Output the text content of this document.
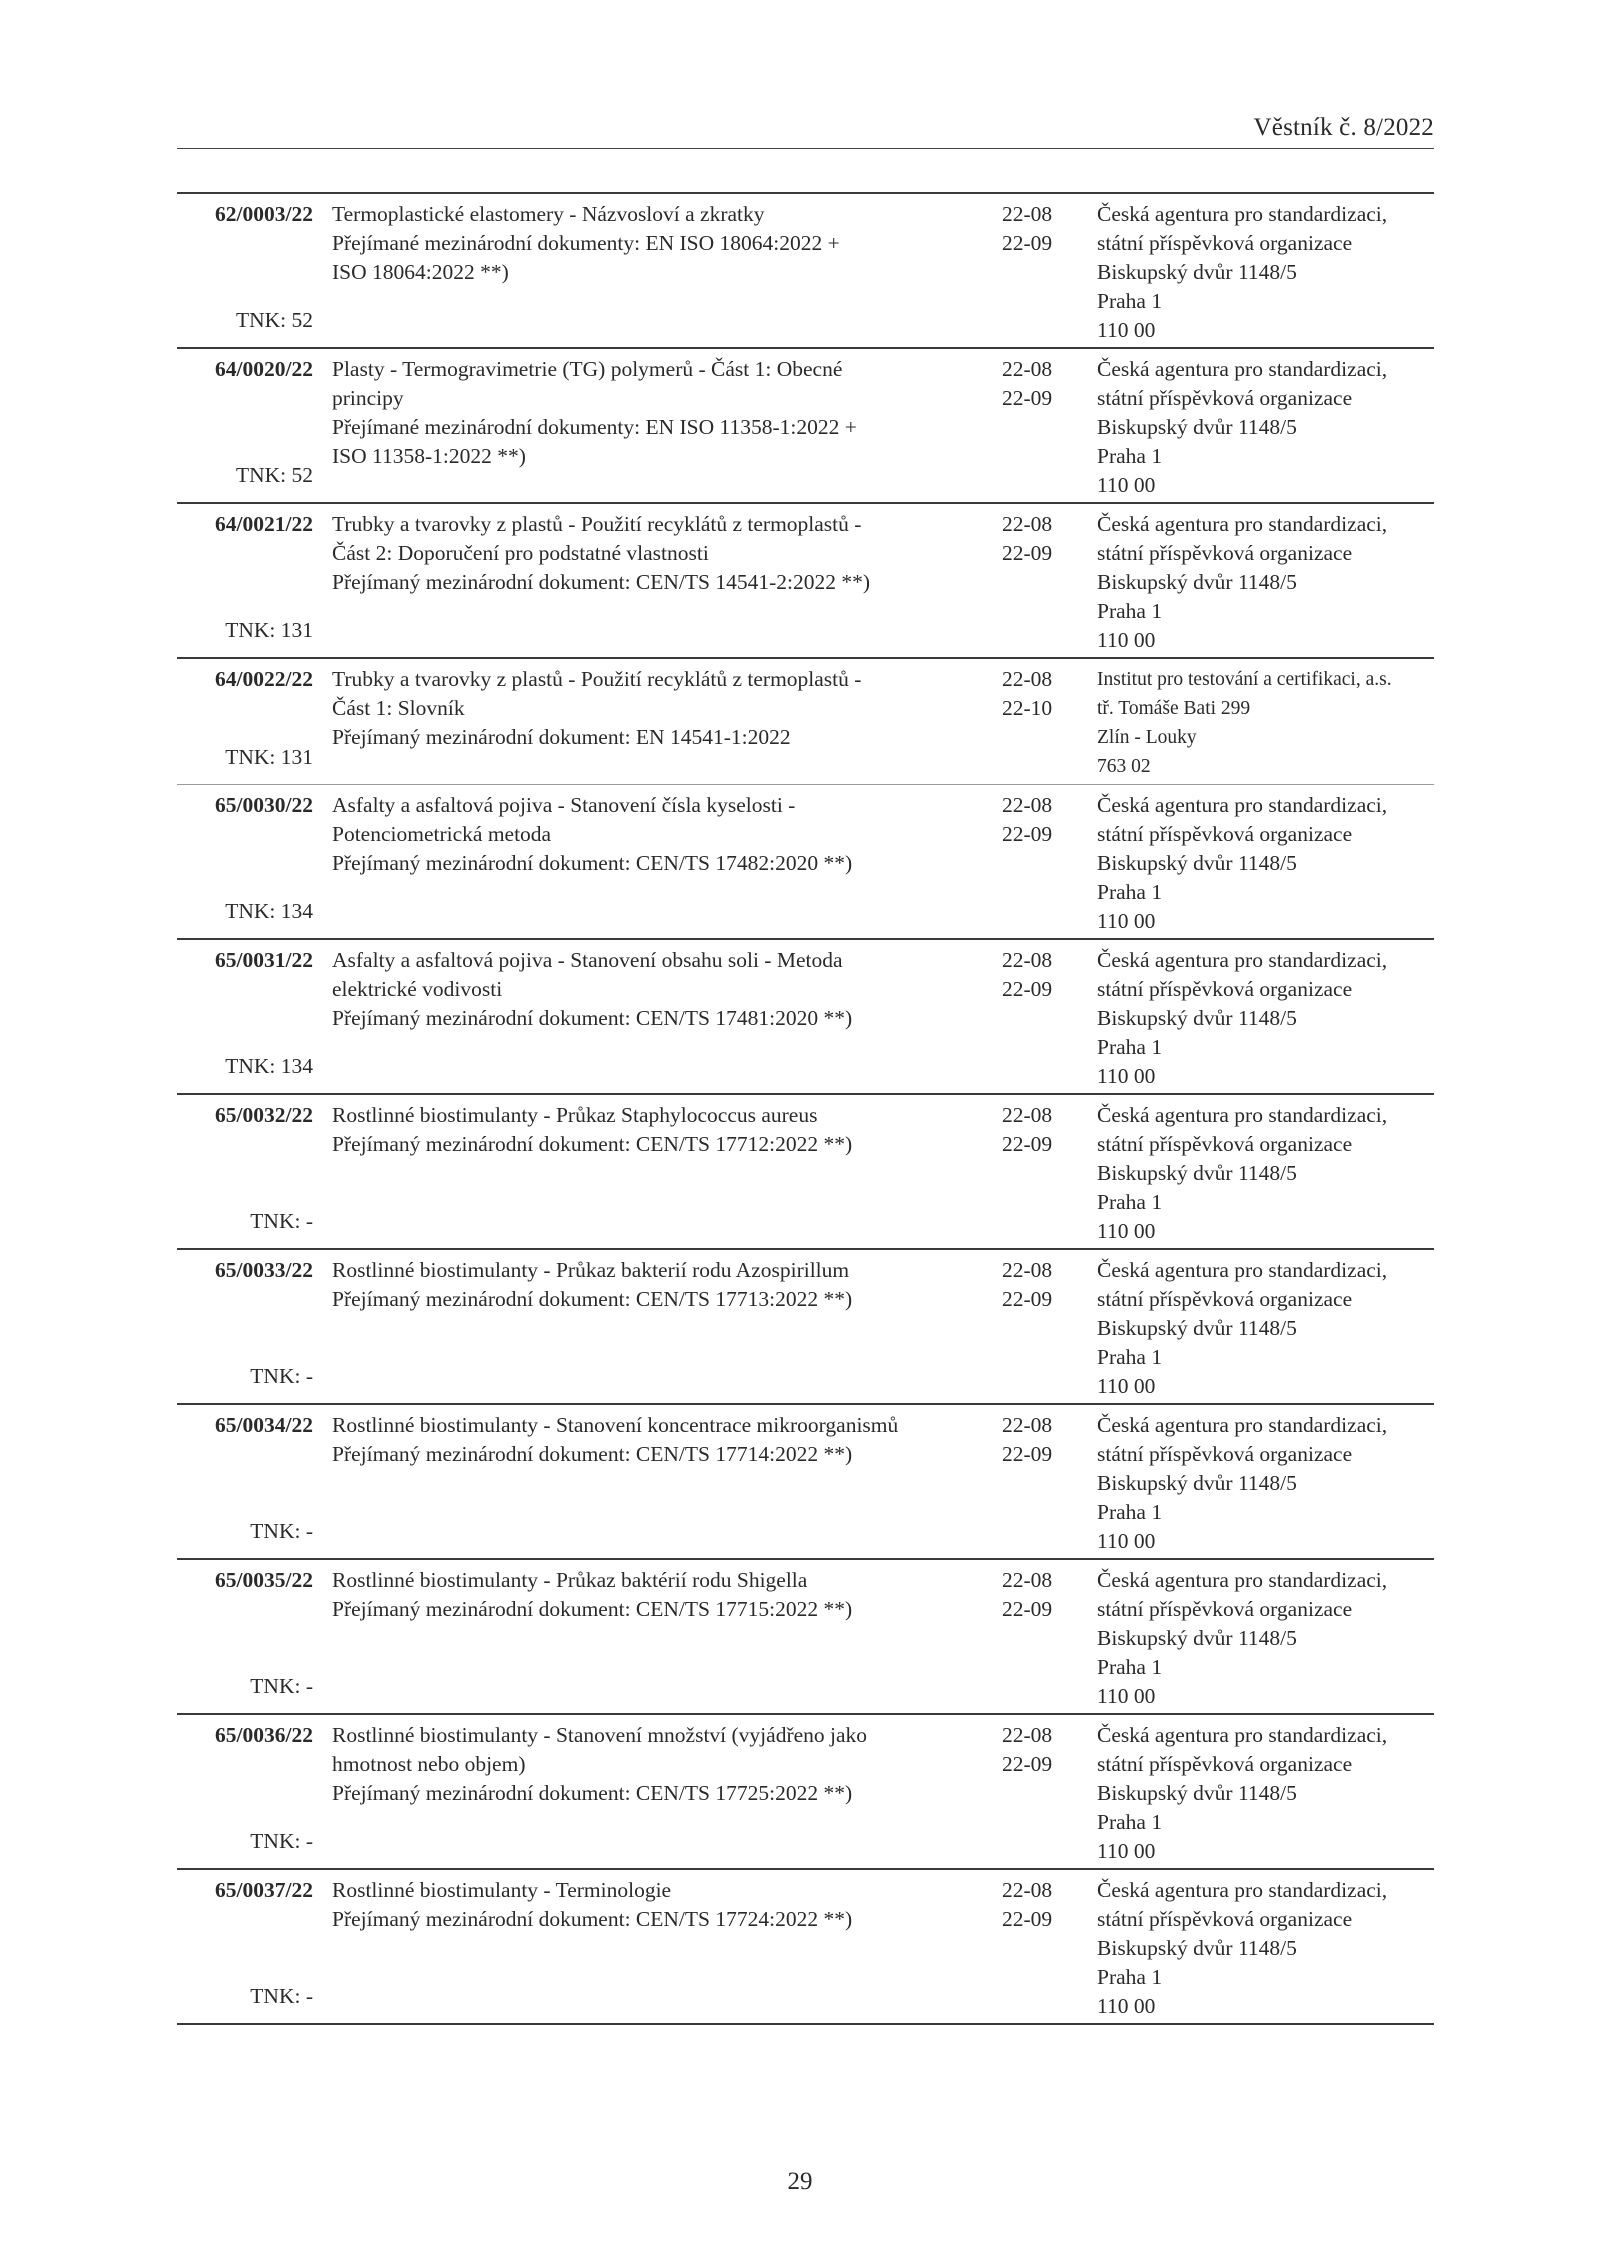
Věstník č. 8/2022
62/0003/22
TNK: 52
Termoplastické elastomery - Názvosloví a zkratky
Přejímané mezinárodní dokumenty: EN ISO 18064:2022 +
ISO 18064:2022 **)
22-08
22-09
Česká agentura pro standardizaci,
státní příspěvková organizace
Biskupský dvůr 1148/5
Praha 1
110 00
64/0020/22
TNK: 52
Plasty - Termogravimetrie (TG) polymerů - Část 1: Obecné
principy
Přejímané mezinárodní dokumenty: EN ISO 11358-1:2022 +
ISO 11358-1:2022 **)
22-08
22-09
Česká agentura pro standardizaci,
státní příspěvková organizace
Biskupský dvůr 1148/5
Praha 1
110 00
64/0021/22
TNK: 131
Trubky a tvarovky z plastů - Použití recyklátů z termoplastů -
Část 2: Doporučení pro podstatné vlastnosti
Přejímaný mezinárodní dokument: CEN/TS 14541-2:2022 **)
22-08
22-09
Česká agentura pro standardizaci,
státní příspěvková organizace
Biskupský dvůr 1148/5
Praha 1
110 00
64/0022/22
TNK: 131
Trubky a tvarovky z plastů - Použití recyklátů z termoplastů -
Část 1: Slovník
Přejímaný mezinárodní dokument: EN 14541-1:2022
22-08
22-10
Institut pro testování a certifikaci, a.s.
tř. Tomáše Bati 299
Zlín - Louky
763 02
65/0030/22
TNK: 134
Asfalty a asfaltová pojiva - Stanovení čísla kyselosti -
Potenciometrická metoda
Přejímaný mezinárodní dokument: CEN/TS 17482:2020 **)
22-08
22-09
Česká agentura pro standardizaci,
státní příspěvková organizace
Biskupský dvůr 1148/5
Praha 1
110 00
65/0031/22
TNK: 134
Asfalty a asfaltová pojiva - Stanovení obsahu soli - Metoda
elektrické vodivosti
Přejímaný mezinárodní dokument: CEN/TS 17481:2020 **)
22-08
22-09
Česká agentura pro standardizaci,
státní příspěvková organizace
Biskupský dvůr 1148/5
Praha 1
110 00
65/0032/22
TNK: -
Rostlinné biostimulanty - Průkaz Staphylococcus aureus
Přejímaný mezinárodní dokument: CEN/TS 17712:2022 **)
22-08
22-09
Česká agentura pro standardizaci,
státní příspěvková organizace
Biskupský dvůr 1148/5
Praha 1
110 00
65/0033/22
TNK: -
Rostlinné biostimulanty - Průkaz bakterií rodu Azospirillum
Přejímaný mezinárodní dokument: CEN/TS 17713:2022 **)
22-08
22-09
Česká agentura pro standardizaci,
státní příspěvková organizace
Biskupský dvůr 1148/5
Praha 1
110 00
65/0034/22
TNK: -
Rostlinné biostimulanty - Stanovení koncentrace mikroorganismů
Přejímaný mezinárodní dokument: CEN/TS 17714:2022 **)
22-08
22-09
Česká agentura pro standardizaci,
státní příspěvková organizace
Biskupský dvůr 1148/5
Praha 1
110 00
65/0035/22
TNK: -
Rostlinné biostimulanty - Průkaz baktérií rodu Shigella
Přejímaný mezinárodní dokument: CEN/TS 17715:2022 **)
22-08
22-09
Česká agentura pro standardizaci,
státní příspěvková organizace
Biskupský dvůr 1148/5
Praha 1
110 00
65/0036/22
TNK: -
Rostlinné biostimulanty - Stanovení množství (vyjádřeno jako
hmotnost nebo objem)
Přejímaný mezinárodní dokument: CEN/TS 17725:2022 **)
22-08
22-09
Česká agentura pro standardizaci,
státní příspěvková organizace
Biskupský dvůr 1148/5
Praha 1
110 00
65/0037/22
TNK: -
Rostlinné biostimulanty - Terminologie
Přejímaný mezinárodní dokument: CEN/TS 17724:2022 **)
22-08
22-09
Česká agentura pro standardizaci,
státní příspěvková organizace
Biskupský dvůr 1148/5
Praha 1
110 00
29
